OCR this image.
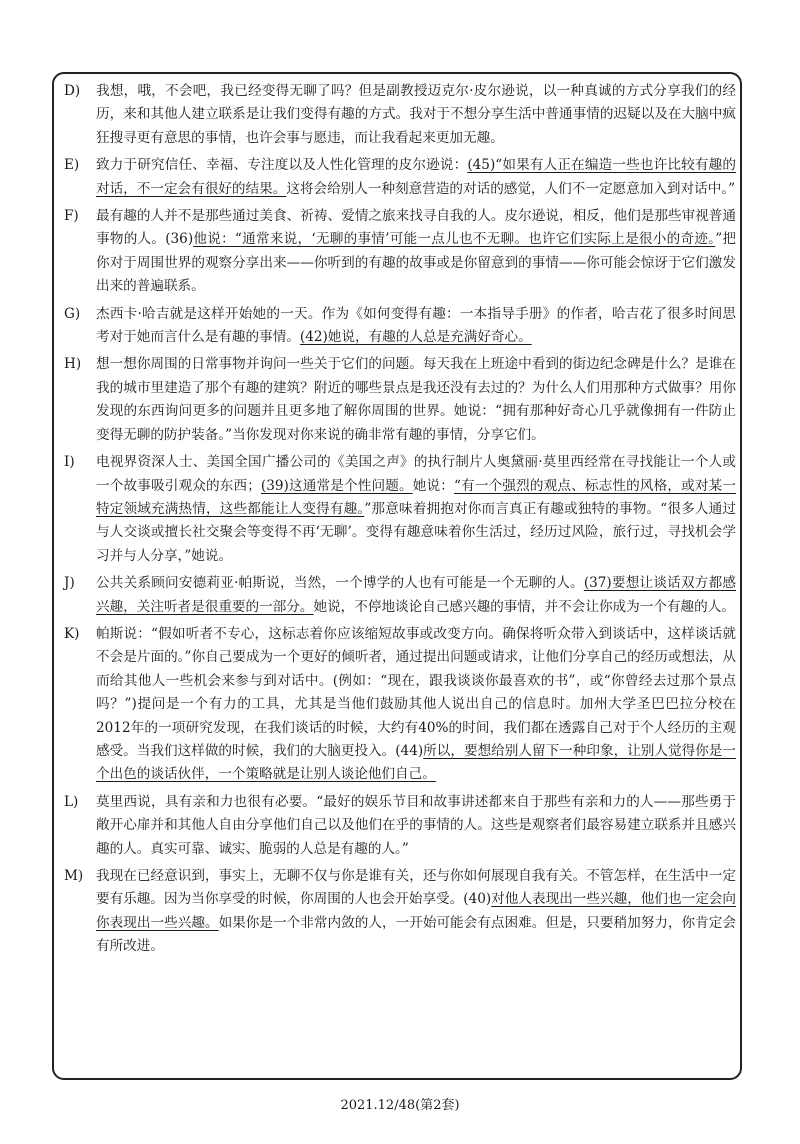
D)	我想，哦，不会吧，我已经变得无聊了吗？但是副教授迈克尔·皮尔逊说，以一种真诚的方式分享我们的经历，来和其他人建立联系是让我们变得有趣的方式。我对于不想分享生活中普通事情的迟疑以及在大脑中疯狂搜寻更有意思的事情，也许会事与愿违，而让我看起来更加无趣。
E)	致力于研究信任、幸福、专注度以及人性化管理的皮尔逊说：(45)“如果有人正在编造一些也许比较有趣的对话，不一定会有很好的结果。这将会给别人一种刻意营造的对话的感觉，人们不一定愿意加入到对话中。”
F)	最有趣的人并不是那些通过美食、祈祷、爱情之旅来找寻自我的人。皮尔逊说，相反，他们是那些审视普通事物的人。(36)他说：“通常来说，‘无聊的事情’可能一点儿也不无聊。也许它们实际上是很小的奇迹。”把你对于周围世界的观察分享出来——你听到的有趣的故事或是你留意到的事情——你可能会惊讶于它们激发出来的普遍联系。
G)	杰西卡·哈吉就是这样开始她的一天。作为《如何变得有趣：一本指导手册》的作者，哈吉花了很多时间思考对于她而言什么是有趣的事情。(42)她说，有趣的人总是充满好奇心。
H)	想一想你周围的日常事物并询问一些关于它们的问题。每天我在上班途中看到的街边纪念碑是什么？是谁在我的城市里建造了那个有趣的建筑？附近的哪些景点是我还没有去过的？为什么人们用那种方式做事？用你发现的东西询问更多的问题并且更多地了解你周围的世界。她说：“拥有那种好奇心几乎就像拥有一件防止变得无聊的防护装备。”当你发现对你来说的确非常有趣的事情，分享它们。
I)	电视界资深人士、美国全国广播公司的《美国之声》的执行制片人奥黛丽·莫里西经常在寻找能让一个人或一个故事吸引观众的东西；(39)这通常是个性问题。她说：“有一个强烈的观点、标志性的风格，或对某一特定领域充满热情，这些都能让人变得有趣。”那意味着拥抱对你而言真正有趣或独特的事物。“很多人通过与人交谈或擅长社交聚会等变得不再‘无聊’。变得有趣意味着你生活过，经历过风险，旅行过，寻找机会学习并与人分享，”她说。
J)	公共关系顾问安德莉亚·帕斯说，当然，一个博学的人也有可能是一个无聊的人。(37)要想让谈话双方都感兴趣，关注听者是很重要的一部分。她说，不停地谈论自己感兴趣的事情，并不会让你成为一个有趣的人。
K)	帕斯说：“假如听者不专心，这标志着你应该缩短故事或改变方向。确保将听众带入到谈话中，这样谈话就不会是片面的。”你自己要成为一个更好的倾听者，通过提出问题或请求，让他们分享自己的经历或想法，从而给其他人一些机会来参与到对话中。(例如：“现在，跟我谈谈你最喜欢的书”，或“你曾经去过那个景点吗？”)提问是一个有力的工具，尤其是当他们鼓励其他人说出自己的信息时。加州大学圣巴巴拉分校在2012年的一项研究发现，在我们谈话的时候，大约有40%的时间，我们都在透露自己对于个人经历的主观感受。当我们这样做的时候，我们的大脑更投入。(44)所以，要想给别人留下一种印象，让别人觉得你是一个出色的谈话伙伴，一个策略就是让别人谈论他们自己。
L)	莫里西说，具有亲和力也很有必要。“最好的娱乐节目和故事讲述都来自于那些有亲和力的人——那些勇于敞开心扉并和其他人自由分享他们自己以及他们在乎的事情的人。这些是观察者们最容易建立联系并且感兴趣的人。真实可靠、诚实、脆弱的人总是有趣的人。”
M) 我现在已经意识到，事实上，无聊不仅与你是谁有关，还与你如何展现自我有关。不管怎样，在生活中一定要有乐趣。因为当你享受的时候，你周围的人也会开始享受。(40)对他人表现出一些兴趣，他们也一定会向你表现出一些兴趣。如果你是一个非常内敛的人，一开始可能会有点困难。但是，只要稍加努力，你肯定会有所改进。
2021.12/48(第2套)
